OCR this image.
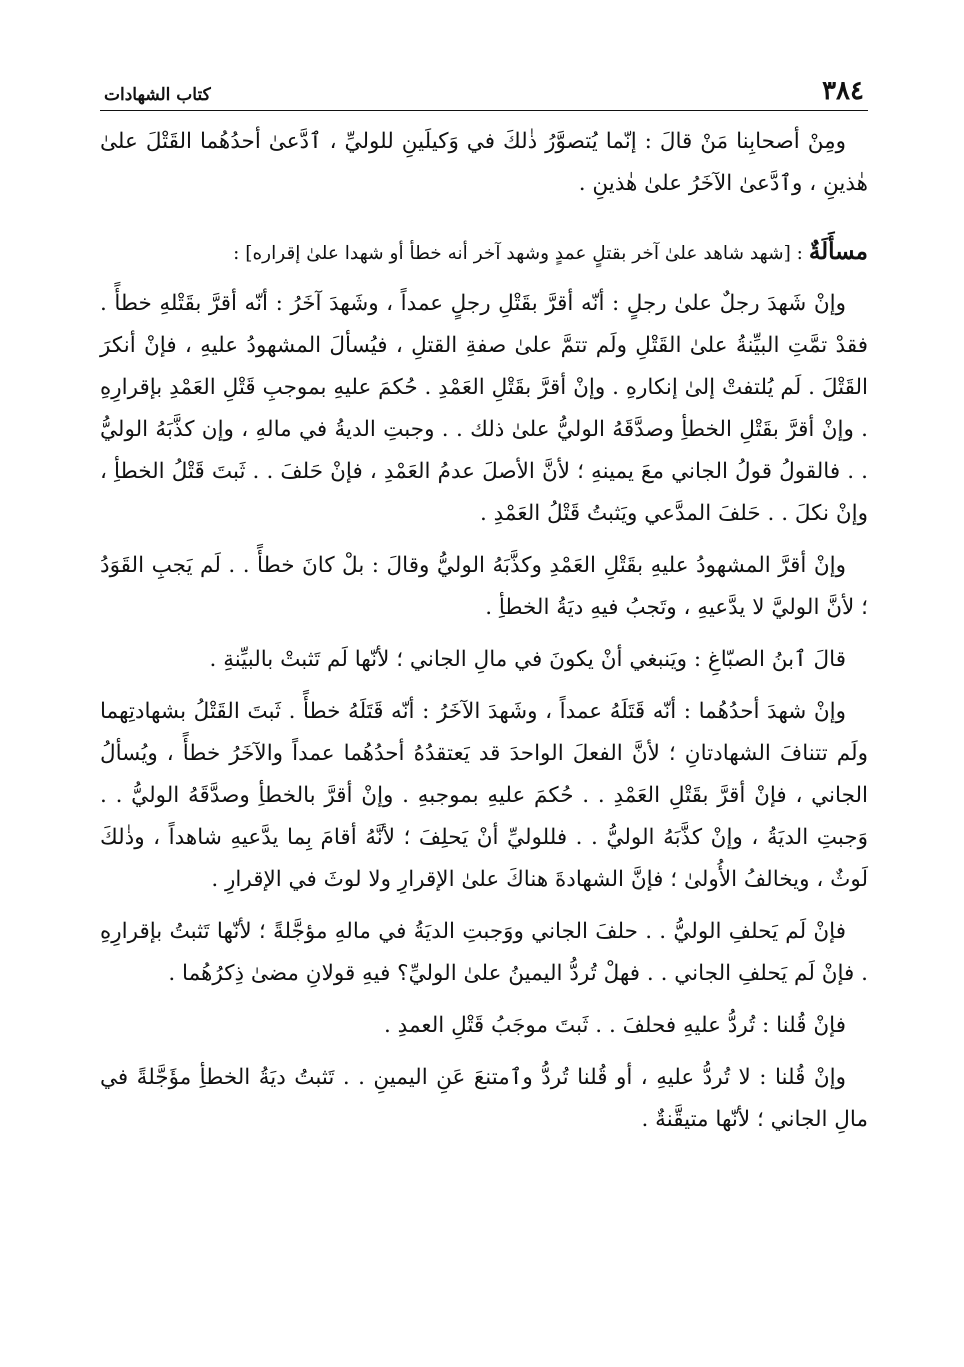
٣٨٤
كتاب الشهادات

ومِنْ أصحابِنا مَنْ قالَ : إنّما يُتصوَّرُ ذٰلكَ في وَكيلَينِ للوليِّ ، ٱدَّعىٰ أحدُهُما القَتْلَ علىٰ هٰذينِ ، وٱدَّعىٰ الآخَرُ علىٰ هٰذينِ .

مسأَلَةٌ : [شهد شاهد علىٰ آخر بقتلٍ عمدٍ وشهد آخر أنه خطأ أو شهدا علىٰ إقراره] :

وإنْ شَهدَ رجلٌ علىٰ رجلٍ : أنّه أقرَّ بقَتْلِ رجلٍ عمداً ، وشَهدَ آخَرُ : أنّه أقرَّ بقَتْلهِ خطأً . فقدْ تمَّتِ البيِّنةُ علىٰ القَتْلِ ولَم تتمَّ علىٰ صفةِ القتلِ ، فيُسألَ المشهودُ عليهِ ، فإنْ أنكرَ القَتْلَ . لَم يُلتفتْ إلىٰ إنكارهِ . وإنْ أقرَّ بقَتْلِ العَمْدِ . حُكمَ عليهِ بموجبِ قَتْلِ العَمْدِ بإقرارِهِ . وإنْ أقرَّ بقَتْلِ الخطأِ وصدَّقَهُ الوليُّ علىٰ ذلك . . وجبتِ الديةُ في مالهِ ، وإن كذَّبَهُ الوليُّ . . فالقولُ قولُ الجاني معَ يمينهِ ؛ لأنَّ الأصلَ عدمُ العَمْدِ ، فإنْ حَلفَ . . ثَبتَ قَتْلُ الخطأِ ، وإنْ نكلَ . . حَلفَ المدَّعي ويَثبتُ قَتْلُ العَمْدِ .

وإنْ أقرَّ المشهودُ عليهِ بقَتْلِ العَمْدِ وكذَّبَهُ الوليُّ وقالَ : بلْ كانَ خطأً . . لَم يَجبِ القَوَدُ ؛ لأنَّ الوليَّ لا يدَّعيهِ ، وتَجبُ فيهِ ديَةُ الخطأِ .

قالَ ٱبنُ الصبّاغِ : ويَنبغي أنْ يكونَ في مالِ الجاني ؛ لأنّها لَم تَثبتْ بالبيِّنةِ .

وإنْ شهدَ أحدُهُما : أنّه قَتَلَهُ عمداً ، وشَهدَ الآخَرُ : أنّه قَتَلَهُ خطأً . ثَبتَ القَتْلُ بشهادتِهما ولَم تتنافَ الشهادتانِ ؛ لأنَّ الفعلَ الواحدَ قد يَعتقدُهُ أحدُهُما عمداً والآخَرُ خطأً ، ويُسألُ الجاني ، فإنْ أقرَّ بقَتْلِ العَمْدِ . . حُكمَ عليهِ بموجبهِ . وإنْ أقرَّ بالخطأِ وصدَّقَهُ الوليُّ . . وَجبتِ الديَةُ ، وإنْ كذَّبَهُ الوليُّ . . فللوليِّ أنْ يَحلِفَ ؛ لأنَّهُ أقامَ بِما يدَّعيهِ شاهداً ، وذٰلكَ لَوثٌ ، ويخالفُ الأُولىٰ ؛ فإنَّ الشهادةَ هناكَ علىٰ الإقرارِ ولا لوثَ في الإقرارِ .

فإنْ لَم يَحلفِ الوليُّ . . حلفَ الجاني ووَجبتِ الديَةُ في مالهِ مؤجَّلةً ؛ لأنّها تَثبتُ بإقرارِهِ . فإنْ لَم يَحلفِ الجاني . . فهلْ تُردُّ اليمينُ علىٰ الوليِّ؟ فيهِ قولانِ مضىٰ ذِكرُهُما .

فإنْ قُلنا : تُردُّ عليهِ فحلفَ . . ثَبتَ موجَبُ قَتْلِ العمدِ .

وإنْ قُلنا : لا تُردُّ عليهِ ، أو قُلنا تُردُّ وٱمتنعَ عَنِ اليمينِ . . تَثبتُ ديَةُ الخطأِ مؤَجَّلةً في مالِ الجاني ؛ لأنّها متيقَّنةٌ .
